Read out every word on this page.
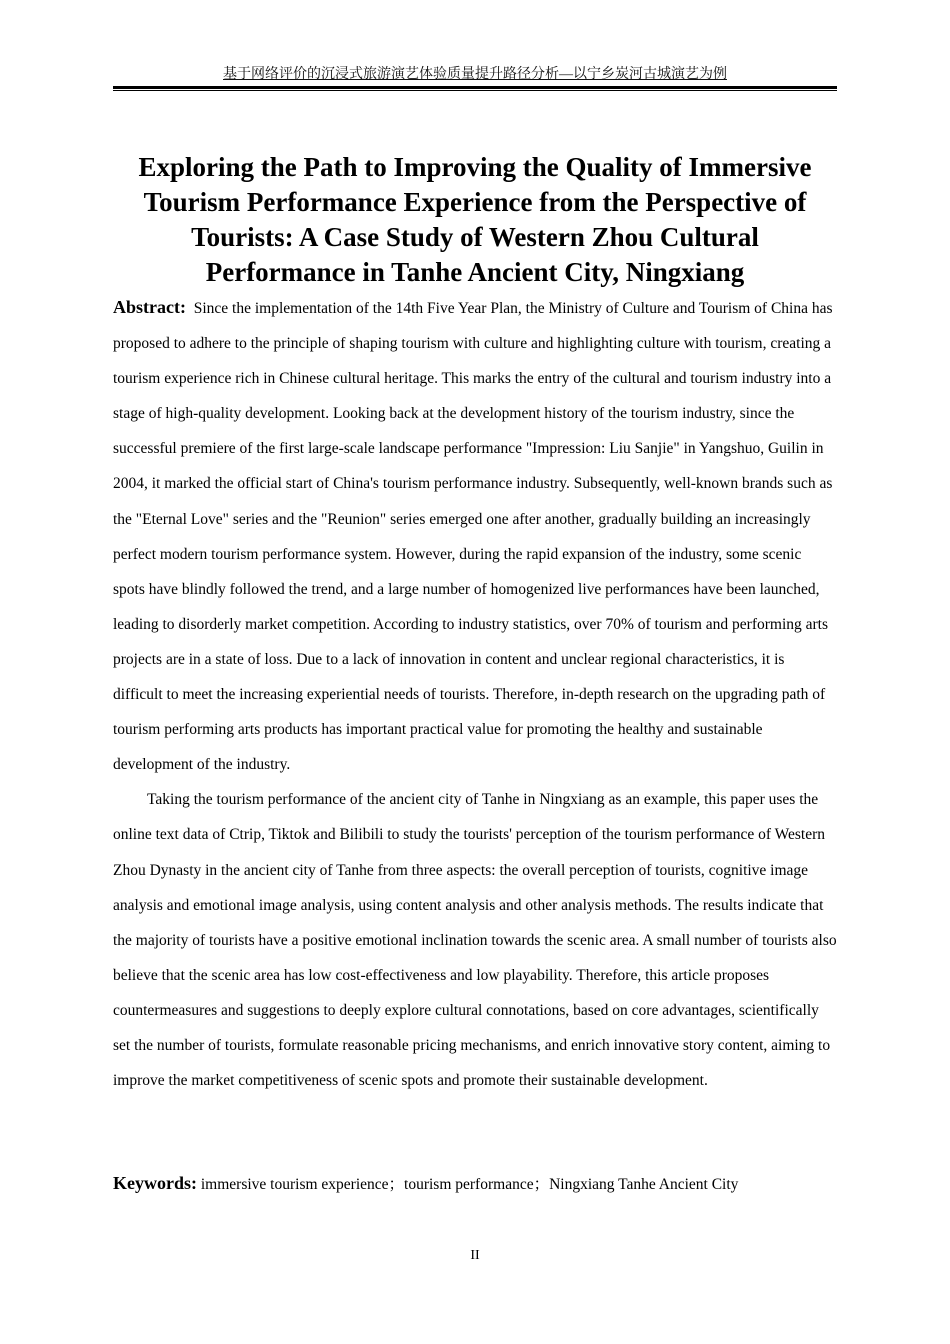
基于网络评价的沉浸式旅游演艺体验质量提升路径分析—以宁乡炭河古城演艺为例
Exploring the Path to Improving the Quality of Immersive Tourism Performance Experience from the Perspective of Tourists: A Case Study of Western Zhou Cultural Performance in Tanhe Ancient City, Ningxiang

Abstract: Since the implementation of the 14th Five Year Plan, the Ministry of Culture and Tourism of China has proposed to adhere to the principle of shaping tourism with culture and highlighting culture with tourism, creating a tourism experience rich in Chinese cultural heritage. This marks the entry of the cultural and tourism industry into a stage of high-quality development. Looking back at the development history of the tourism industry, since the successful premiere of the first large-scale landscape performance "Impression: Liu Sanjie" in Yangshuo, Guilin in 2004, it marked the official start of China's tourism performance industry. Subsequently, well-known brands such as the "Eternal Love" series and the "Reunion" series emerged one after another, gradually building an increasingly perfect modern tourism performance system. However, during the rapid expansion of the industry, some scenic spots have blindly followed the trend, and a large number of homogenized live performances have been launched, leading to disorderly market competition. According to industry statistics, over 70% of tourism and performing arts projects are in a state of loss. Due to a lack of innovation in content and unclear regional characteristics, it is difficult to meet the increasing experiential needs of tourists. Therefore, in-depth research on the upgrading path of tourism performing arts products has important practical value for promoting the healthy and sustainable development of the industry.

Taking the tourism performance of the ancient city of Tanhe in Ningxiang as an example, this paper uses the online text data of Ctrip, Tiktok and Bilibili to study the tourists' perception of the tourism performance of Western Zhou Dynasty in the ancient city of Tanhe from three aspects: the overall perception of tourists, cognitive image analysis and emotional image analysis, using content analysis and other analysis methods. The results indicate that the majority of tourists have a positive emotional inclination towards the scenic area. A small number of tourists also believe that the scenic area has low cost-effectiveness and low playability. Therefore, this article proposes countermeasures and suggestions to deeply explore cultural connotations, based on core advantages, scientifically set the number of tourists, formulate reasonable pricing mechanisms, and enrich innovative story content, aiming to improve the market competitiveness of scenic spots and promote their sustainable development.

Keywords: immersive tourism experience；tourism performance；Ningxiang Tanhe Ancient City

II
